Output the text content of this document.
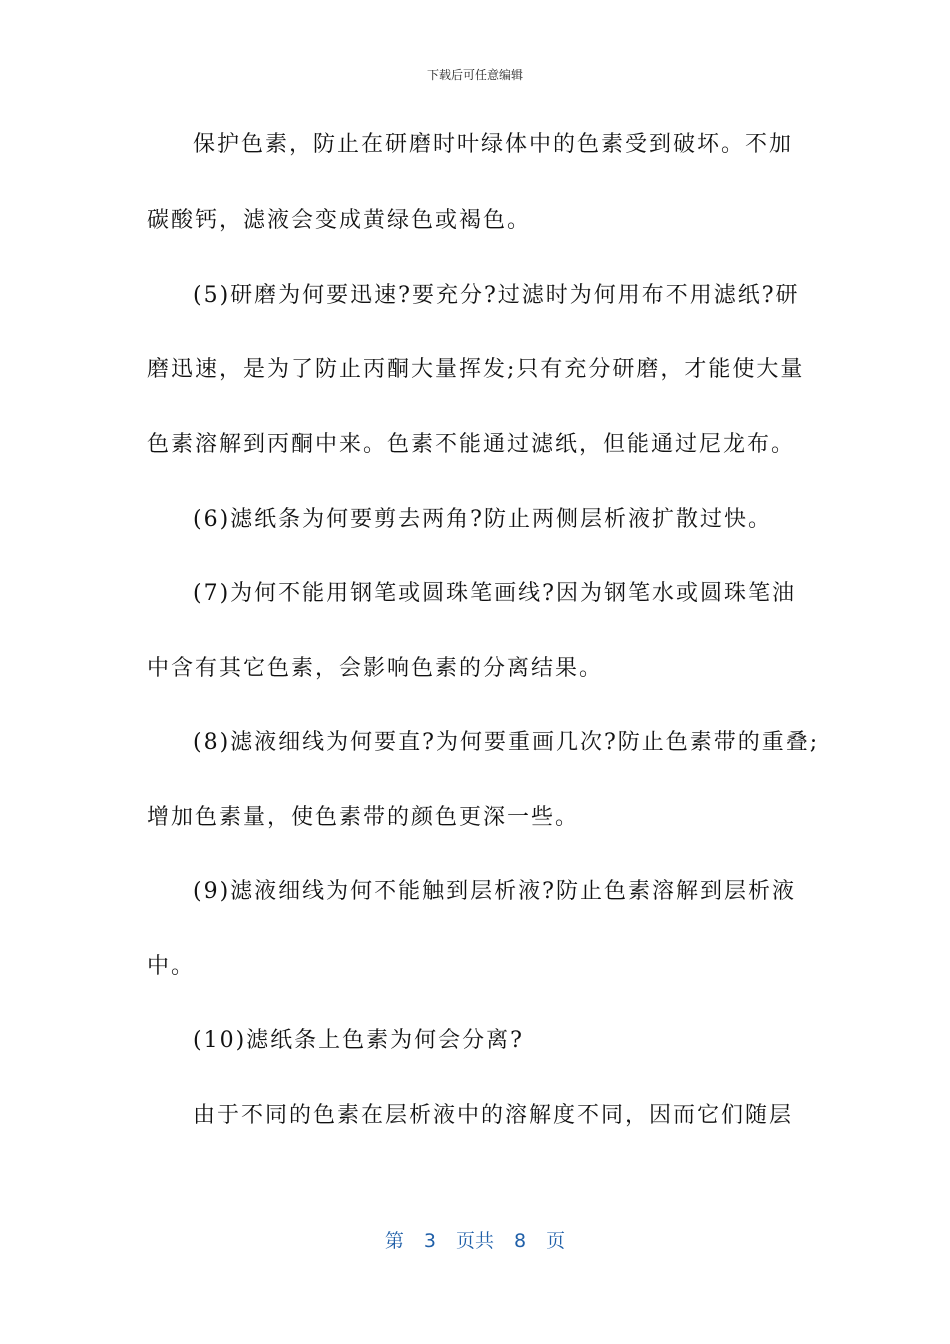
下载后可任意编辑
保护色素，防止在研磨时叶绿体中的色素受到破坏。不加
碳酸钙，滤液会变成黄绿色或褐色。
(5)研磨为何要迅速?要充分?过滤时为何用布不用滤纸?研
磨迅速，是为了防止丙酮大量挥发;只有充分研磨，才能使大量
色素溶解到丙酮中来。色素不能通过滤纸，但能通过尼龙布。
(6)滤纸条为何要剪去两角?防止两侧层析液扩散过快。
(7)为何不能用钢笔或圆珠笔画线?因为钢笔水或圆珠笔油
中含有其它色素，会影响色素的分离结果。
(8)滤液细线为何要直?为何要重画几次?防止色素带的重叠;
增加色素量，使色素带的颜色更深一些。
(9)滤液细线为何不能触到层析液?防止色素溶解到层析液
中。
(10)滤纸条上色素为何会分离?
由于不同的色素在层析液中的溶解度不同，因而它们随层
第 3 页共 8 页
